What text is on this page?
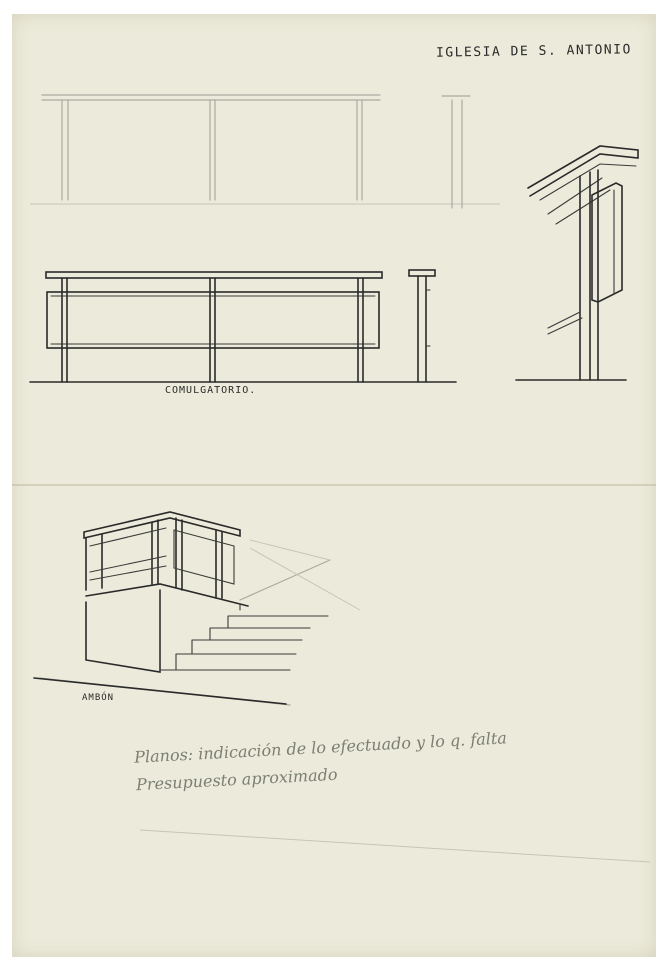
IGLESIA DE S. ANTONIO
COMULGATORIO.
AMBÓN
Planos: indicación de lo efectuado y lo q. falta
Presupuesto aproximado
